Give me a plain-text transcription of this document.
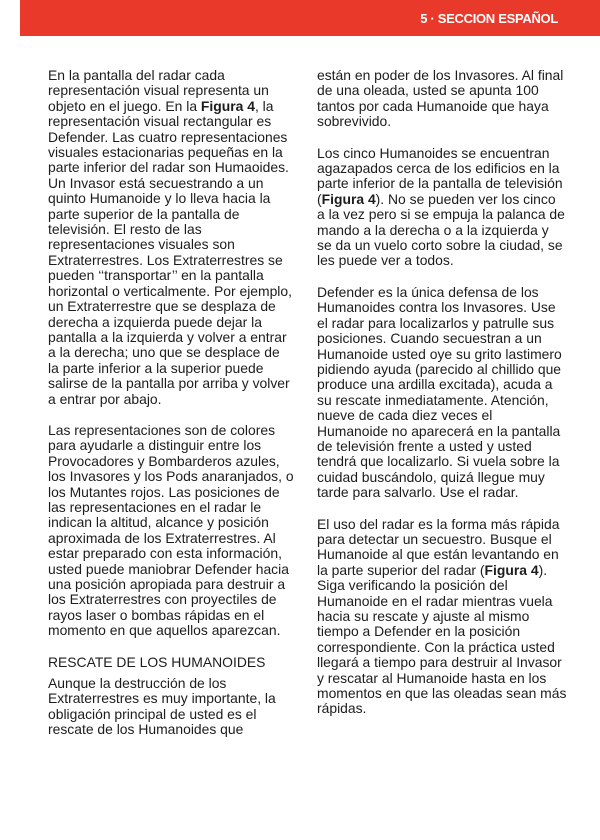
5 · SECCION ESPAÑOL

En la pantalla del radar cada representación visual representa un objeto en el juego. En la Figura 4, la representación visual rectangular es Defender. Las cuatro representaciones visuales estacionarias pequeñas en la parte inferior del radar son Humaoides. Un Invasor está secuestrando a un quinto Humanoide y lo lleva hacia la parte superior de la pantalla de televisión. El resto de las representaciones visuales son Extraterrestres. Los Extraterrestres se pueden ‘‘transportar’’ en la pantalla horizontal o verticalmente. Por ejemplo, un Extraterrestre que se desplaza de derecha a izquierda puede dejar la pantalla a la izquierda y volver a entrar a la derecha; uno que se desplace de la parte inferior a la superior puede salirse de la pantalla por arriba y volver a entrar por abajo.

Las representaciones son de colores para ayudarle a distinguir entre los Provocadores y Bombarderos azules, los Invasores y los Pods anaranjados, o los Mutantes rojos. Las posiciones de las representaciones en el radar le indican la altitud, alcance y posición aproximada de los Extraterrestres. Al estar preparado con esta información, usted puede maniobrar Defender hacia una posición apropiada para destruir a los Extraterrestres con proyectiles de rayos laser o bombas rápidas en el momento en que aquellos aparezcan.

RESCATE DE LOS HUMANOIDES

Aunque la destrucción de los Extraterrestres es muy importante, la obligación principal de usted es el rescate de los Humanoides que

están en poder de los Invasores. Al final de una oleada, usted se apunta 100 tantos por cada Humanoide que haya sobrevivido.

Los cinco Humanoides se encuentran agazapados cerca de los edificios en la parte inferior de la pantalla de televisión (Figura 4). No se pueden ver los cinco a la vez pero si se empuja la palanca de mando a la derecha o a la izquierda y se da un vuelo corto sobre la ciudad, se les puede ver a todos.

Defender es la única defensa de los Humanoides contra los Invasores. Use el radar para localizarlos y patrulle sus posiciones. Cuando secuestran a un Humanoide usted oye su grito lastimero pidiendo ayuda (parecido al chillido que produce una ardilla excitada), acuda a su rescate inmediatamente. Atención, nueve de cada diez veces el Humanoide no aparecerá en la pantalla de televisión frente a usted y usted tendrá que localizarlo. Si vuela sobre la cuidad buscándolo, quizá llegue muy tarde para salvarlo. Use el radar.

El uso del radar es la forma más rápida para detectar un secuestro. Busque el Humanoide al que están levantando en la parte superior del radar (Figura 4). Siga verificando la posición del Humanoide en el radar mientras vuela hacia su rescate y ajuste al mismo tiempo a Defender en la posición correspondiente. Con la práctica usted llegará a tiempo para destruir al Invasor y rescatar al Humanoide hasta en los momentos en que las oleadas sean más rápidas.
